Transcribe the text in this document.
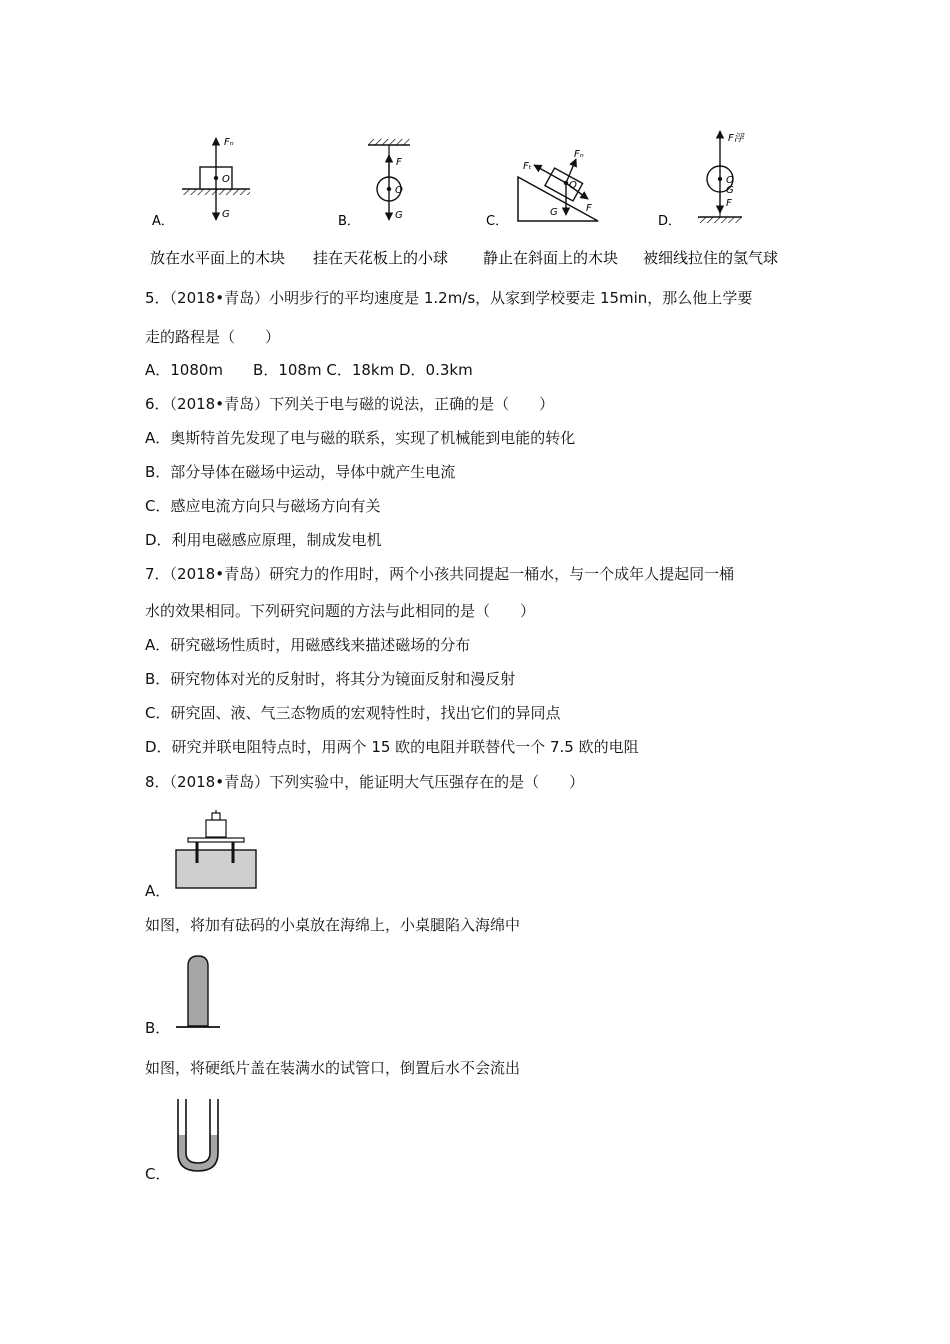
Fₙ
O
G
A．
放在水平面上的木块
F
O
G
B．
挂在天花板上的小球
Fₜ
Fₙ
O
G	F
C．
静止在斜面上的木块
F浮
O
G
F
D．
被细线拉住的氢气球
5．（2018•青岛）小明步行的平均速度是 1.2m/s，从家到学校要走 15min，那么他上学要
走的路程是（　　）
A．1080m　　B．108m C．18km D．0.3km
6．（2018•青岛）下列关于电与磁的说法，正确的是（　　）
A．奥斯特首先发现了电与磁的联系，实现了机械能到电能的转化
B．部分导体在磁场中运动，导体中就产生电流
C．感应电流方向只与磁场方向有关
D．利用电磁感应原理，制成发电机
7．（2018•青岛）研究力的作用时，两个小孩共同提起一桶水，与一个成年人提起同一桶
水的效果相同。下列研究问题的方法与此相同的是（　　）
A．研究磁场性质时，用磁感线来描述磁场的分布
B．研究物体对光的反射时，将其分为镜面反射和漫反射
C．研究固、液、气三态物质的宏观特性时，找出它们的异同点
D．研究并联电阻特点时，用两个 15 欧的电阻并联替代一个 7.5 欧的电阻
8．（2018•青岛）下列实验中，能证明大气压强存在的是（　　）
A．
如图，将加有砝码的小桌放在海绵上，小桌腿陷入海绵中
B．
如图，将硬纸片盖在装满水的试管口，倒置后水不会流出
C．
